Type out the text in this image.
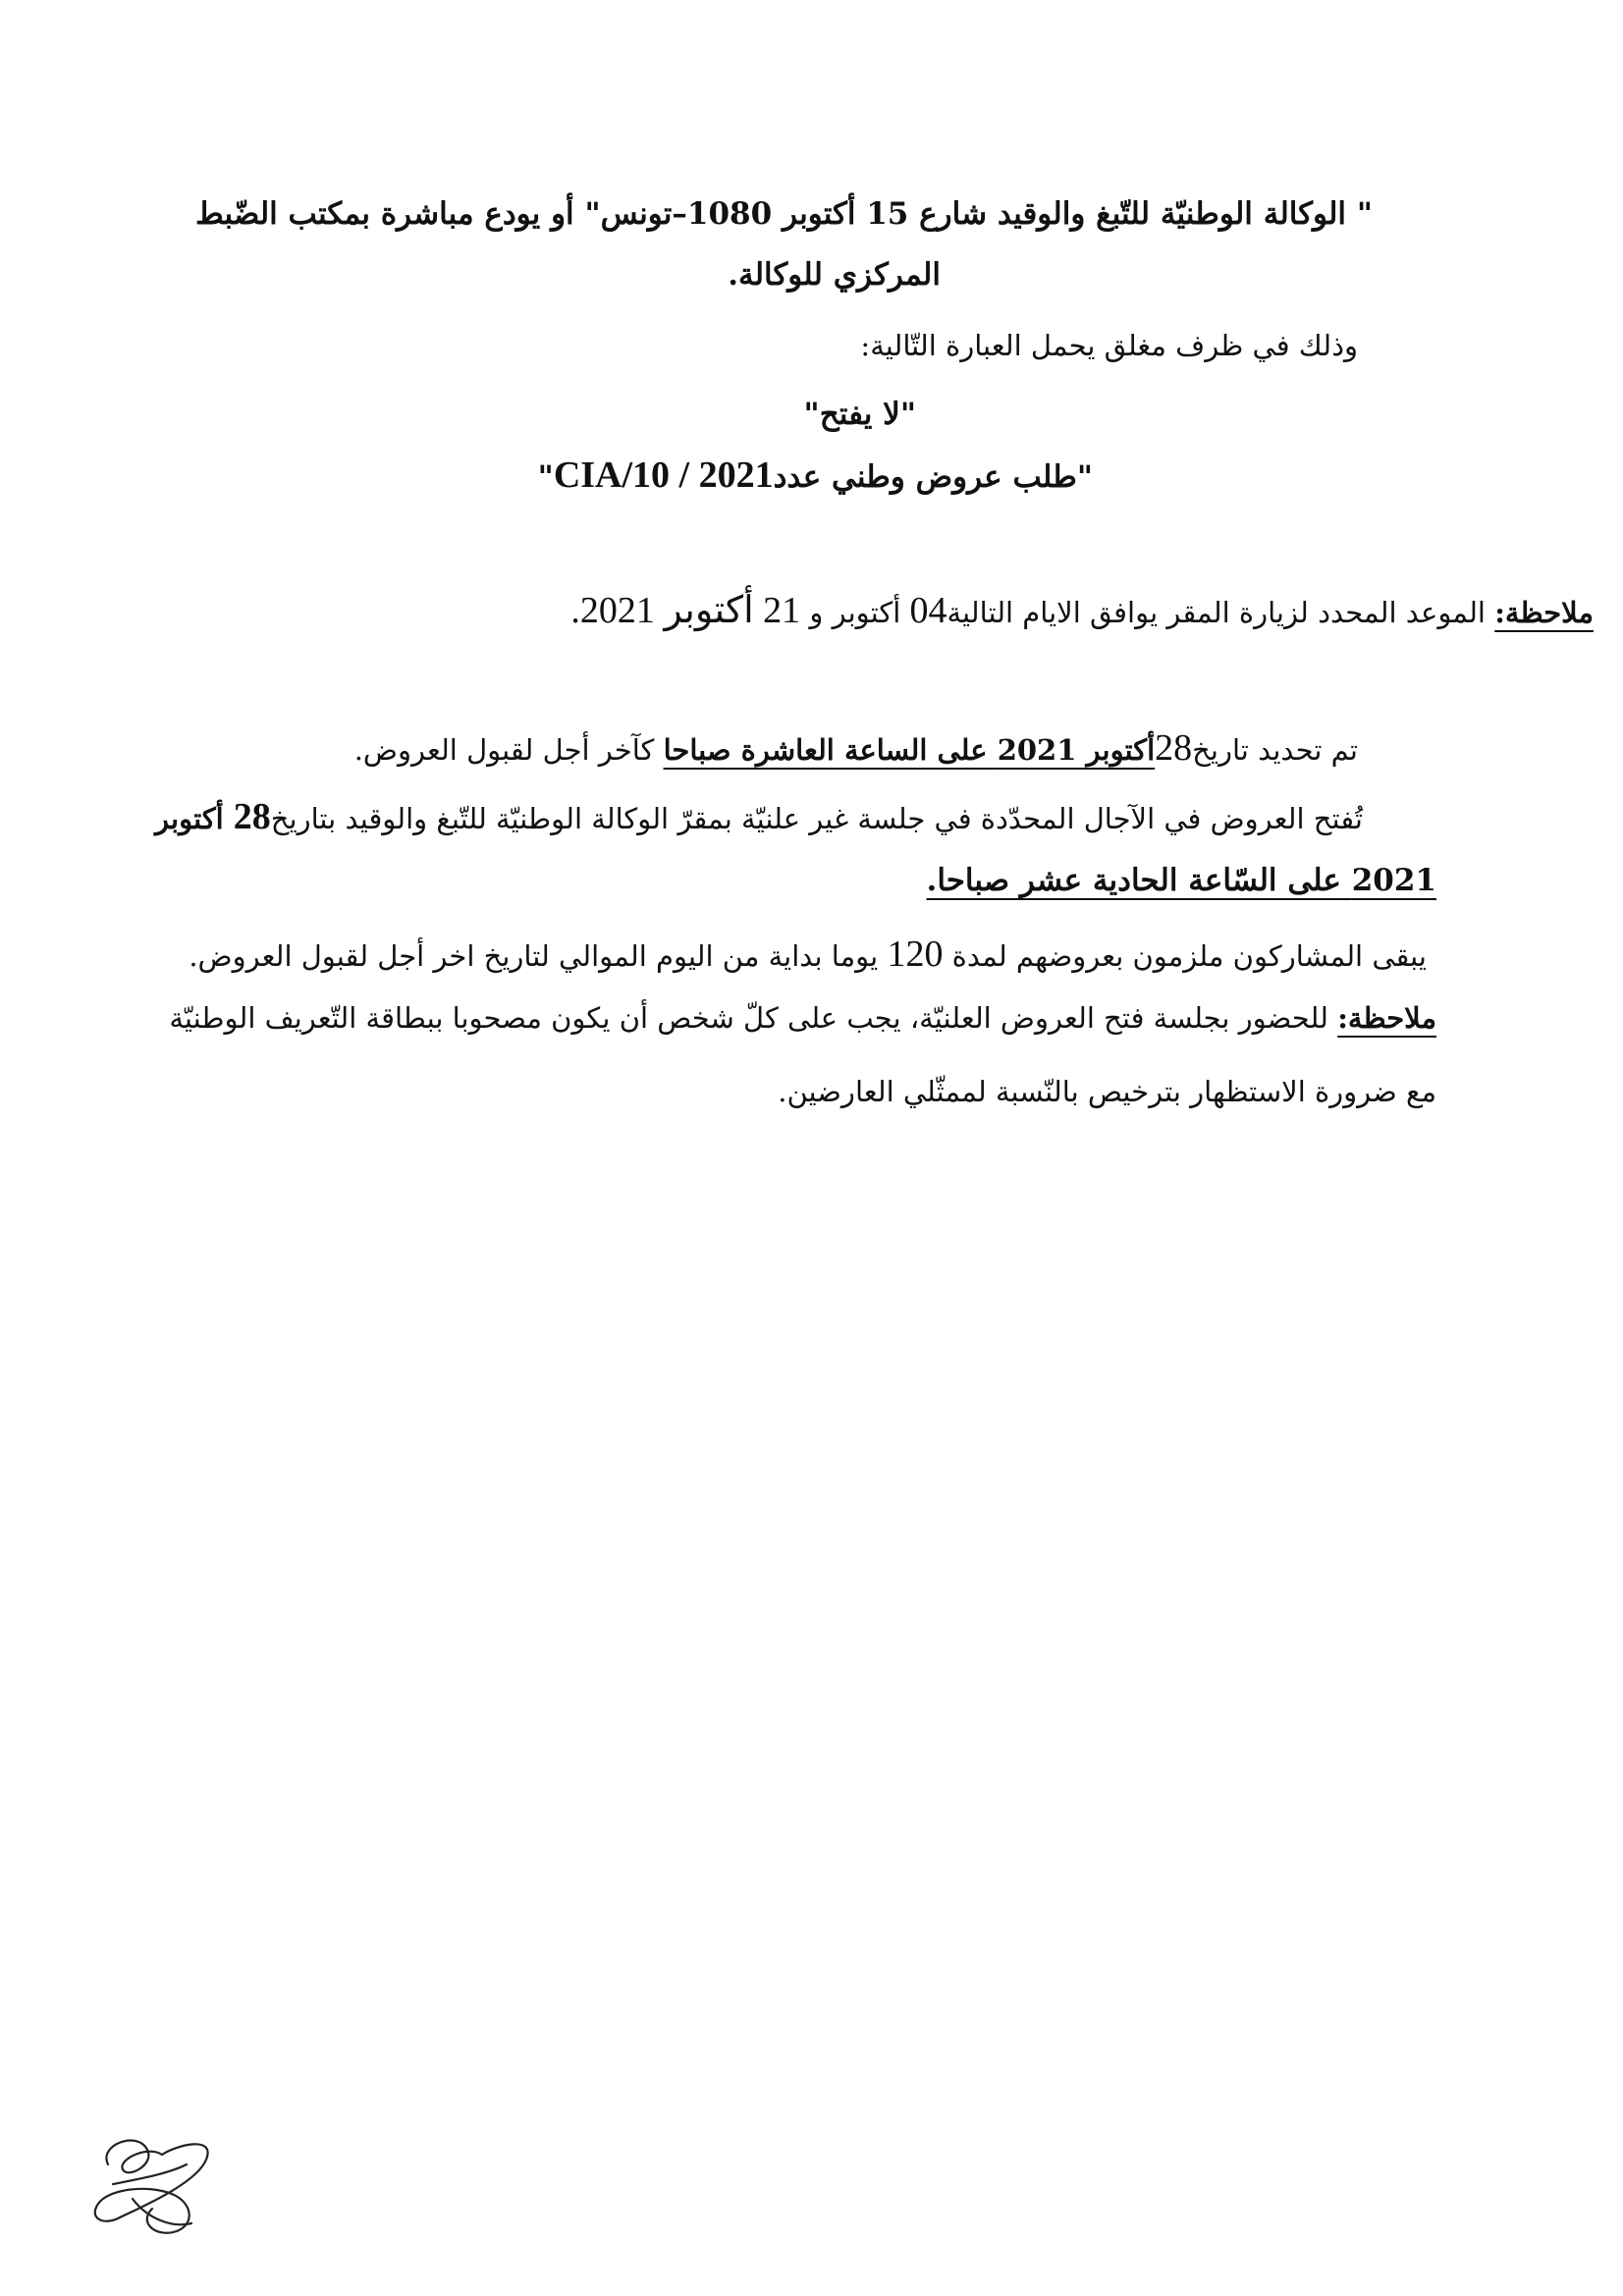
" الوكالة الوطنيّة للتّبغ والوقيد شارع 15 أكتوبر 1080–تونس" أو يودع مباشرة بمكتب الضّبط
المركزي للوكالة.
وذلك في ظرف مغلق يحمل العبارة التّالية:
"لا يفتح"
"طلب عروض وطني عددCIA/10 / 2021"
ملاحظة: الموعد المحدد لزيارة المقر يوافق الايام التالية04 أكتوبر و 21 أكتوبر 2021.
تم تحديد تاريخ28أكتوبر 2021 على الساعة العاشرة صباحا كآخر أجل لقبول العروض.
تُفتح العروض في الآجال المحدّدة في جلسة غير علنيّة بمقرّ الوكالة الوطنيّة للتّبغ والوقيد بتاريخ28 أكتوبر
2021 على السّاعة الحادية عشر صباحا.
يبقى المشاركون ملزمون بعروضهم لمدة 120 يوما بداية من اليوم الموالي لتاريخ اخر أجل لقبول العروض.
ملاحظة: للحضور بجلسة فتح العروض العلنيّة، يجب على كلّ شخص أن يكون مصحوبا ببطاقة التّعريف الوطنيّة
مع ضرورة الاستظهار بترخيص بالنّسبة لممثّلي العارضين.
